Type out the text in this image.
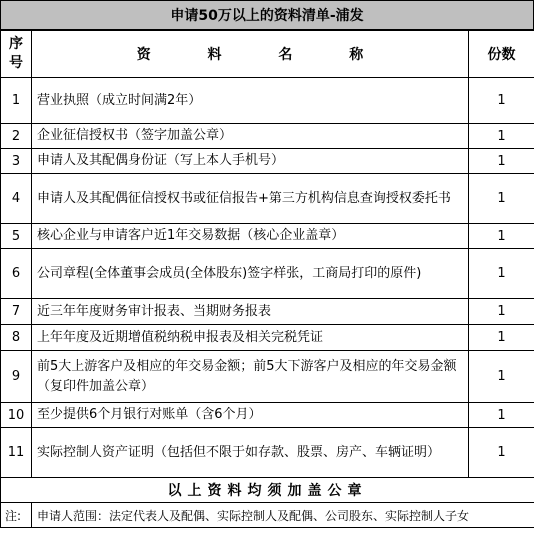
申请50万以上的资料清单-浦发
序号	资 料 名 称	份数
1	营业执照（成立时间满2年）	1
2	企业征信授权书（签字加盖公章）	1
3	申请人及其配偶身份证（写上本人手机号）	1
4	申请人及其配偶征信授权书或征信报告+第三方机构信息查询授权委托书	1
5	核心企业与申请客户近1年交易数据（核心企业盖章）	1
6	公司章程(全体董事会成员(全体股东)签字样张，工商局打印的原件)	1
7	近三年年度财务审计报表、当期财务报表	1
8	上年年度及近期增值税纳税申报表及相关完税凭证	1
9	前5大上游客户及相应的年交易金额；前5大下游客户及相应的年交易金额（复印件加盖公章）	1
10	至少提供6个月银行对账单（含6个月）	1
11	实际控制人资产证明（包括但不限于如存款、股票、房产、车辆证明）	1
以上资料均须加盖公章		
注:	申请人范围：法定代表人及配偶、实际控制人及配偶、公司股东、实际控制人子女	
